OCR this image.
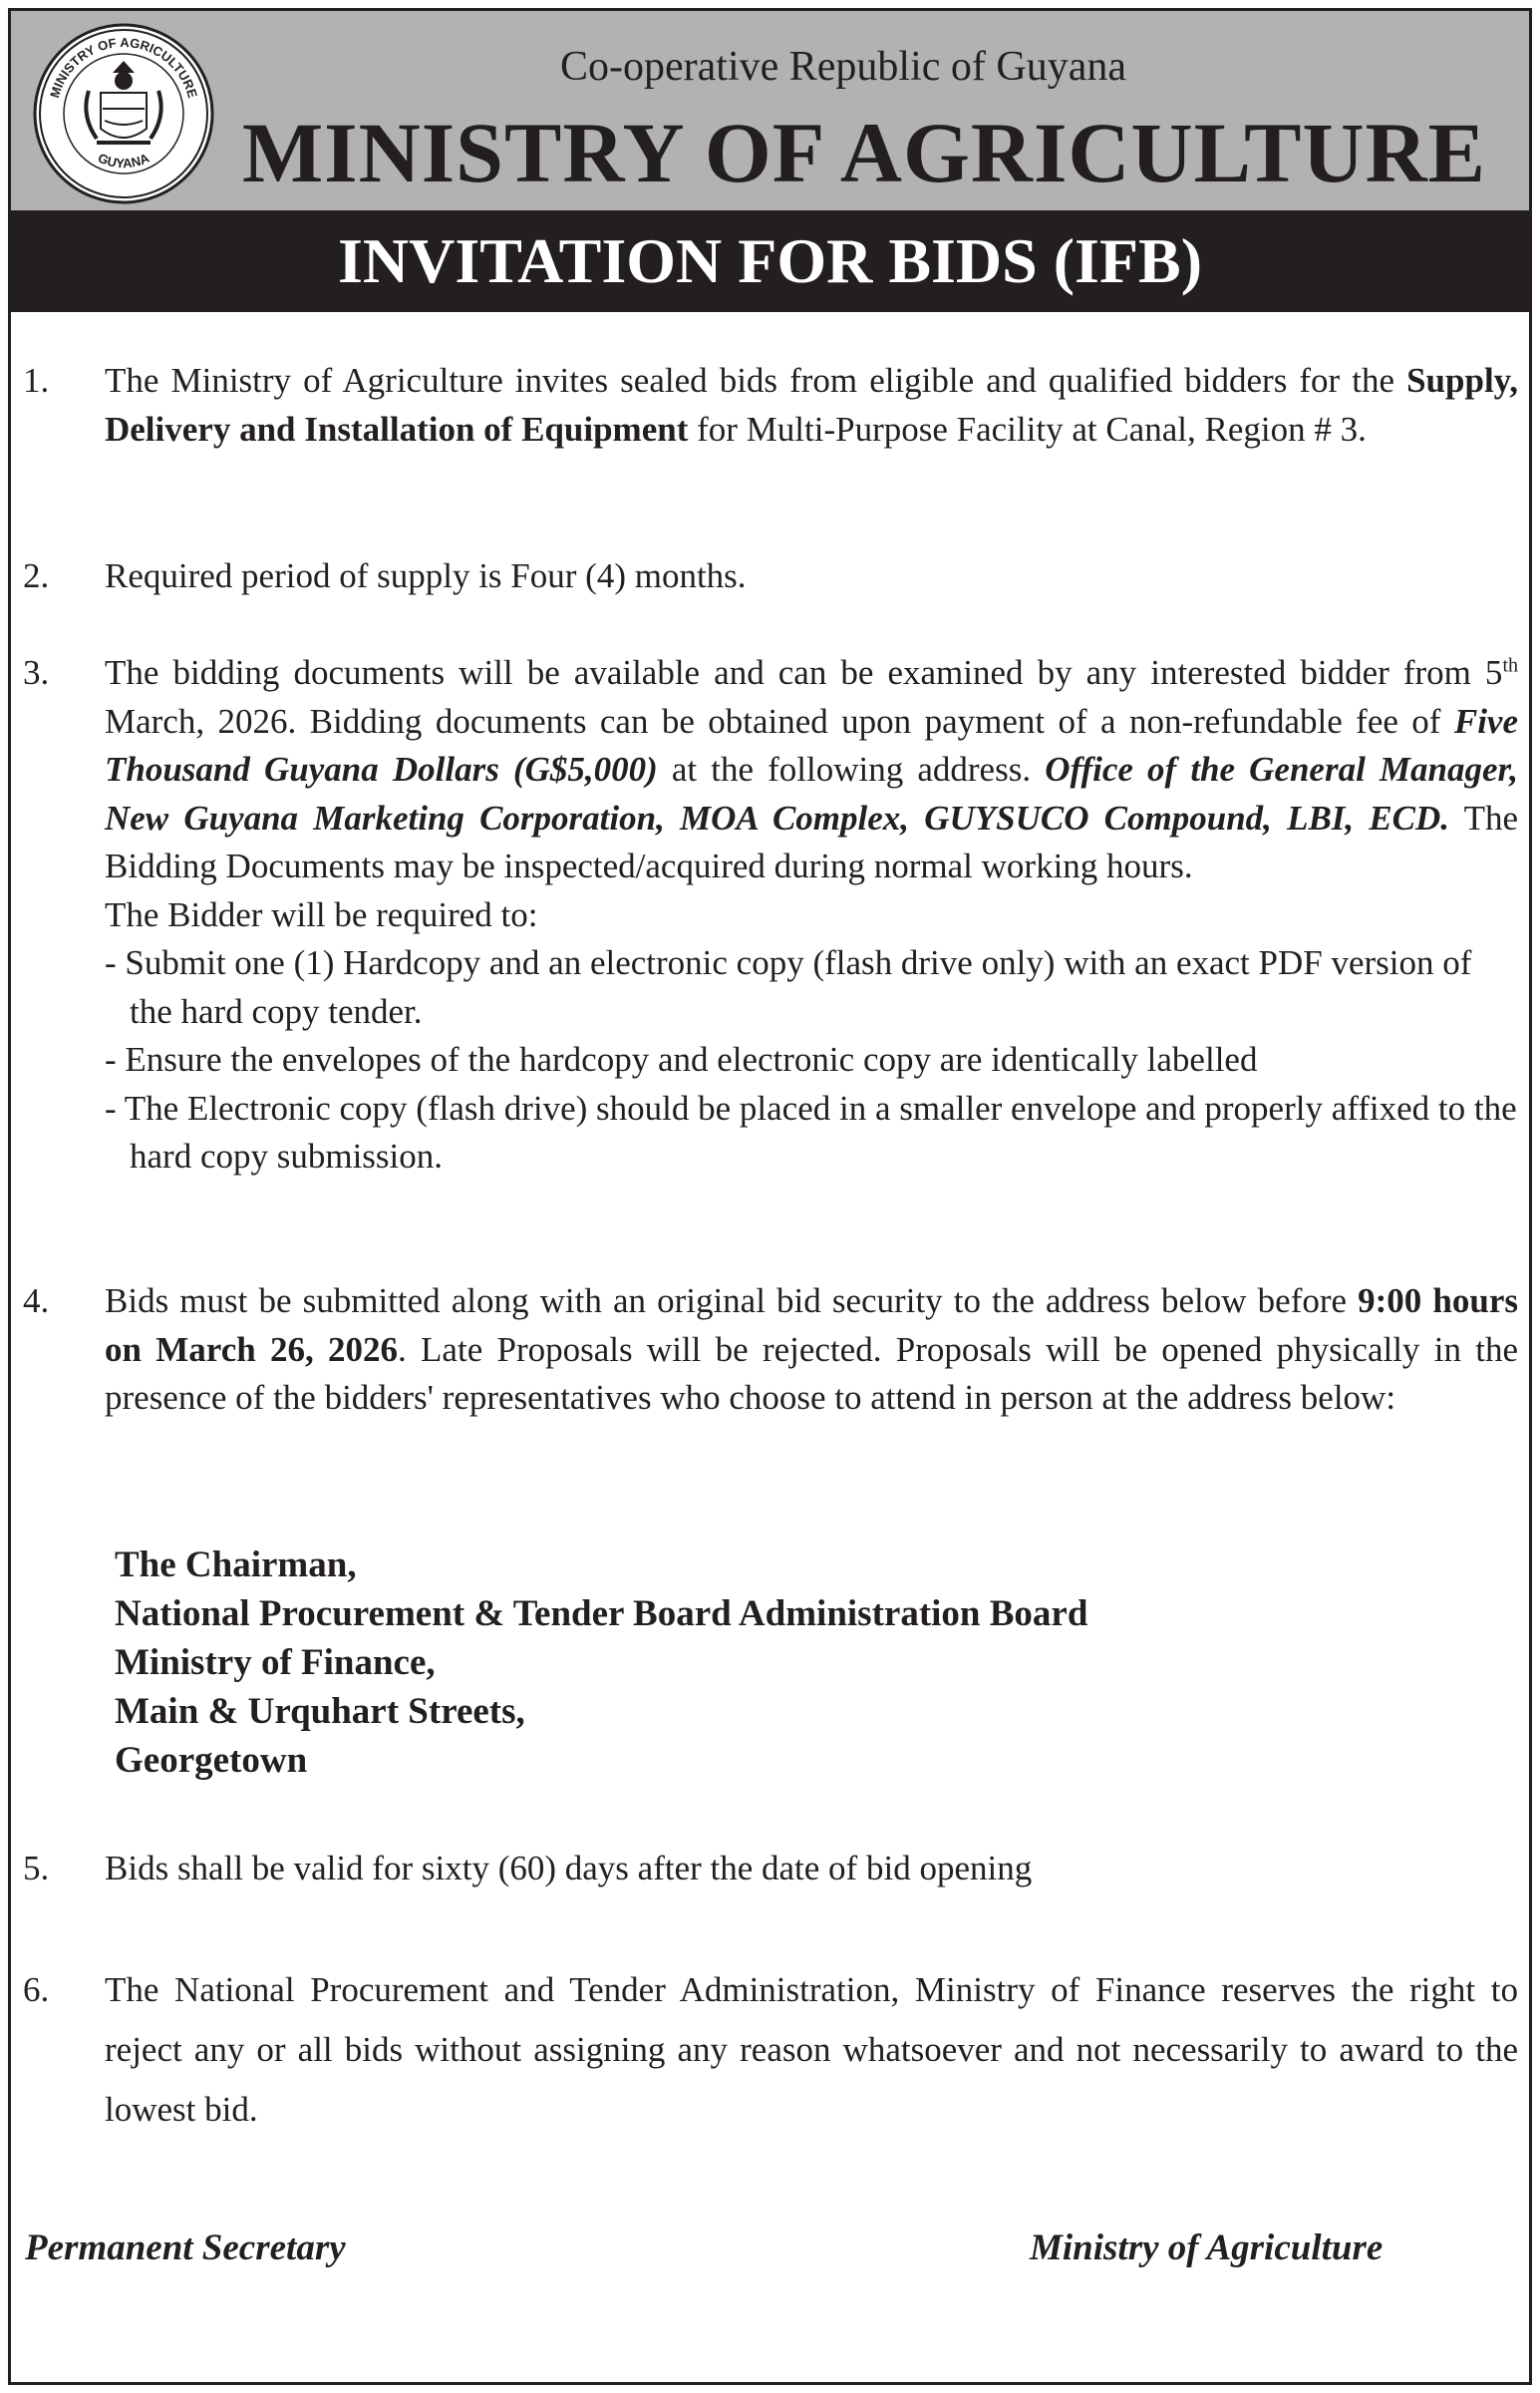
MINISTRY OF AGRICULTURE
GUYANA
Co-operative Republic of Guyana
MINISTRY OF AGRICULTURE
INVITATION FOR BIDS (IFB)
1.	The Ministry of Agriculture invites sealed bids from eligible and qualified bidders for the Supply, Delivery and Installation of Equipment for Multi-Purpose Facility at Canal, Region # 3.
2.	Required period of supply is Four (4) months.
3.	The bidding documents will be available and can be examined by any interested bidder from 5th March, 2026. Bidding documents can be obtained upon payment of a non-refundable fee of Five Thousand Guyana Dollars (G$5,000) at the following address. Office of the General Manager, New Guyana Marketing Corporation, MOA Complex, GUYSUCO Compound, LBI, ECD. The Bidding Documents may be inspected/acquired during normal working hours.
The Bidder will be required to:
- Submit one (1) Hardcopy and an electronic copy (flash drive only) with an exact PDF version of the hard copy tender.
- Ensure the envelopes of the hardcopy and electronic copy are identically labelled
- The Electronic copy (flash drive) should be placed in a smaller envelope and properly affixed to the hard copy submission.
4.	Bids must be submitted along with an original bid security to the address below before 9:00 hours on March 26, 2026. Late Proposals will be rejected. Proposals will be opened physically in the presence of the bidders' representatives who choose to attend in person at the address below:
The Chairman,
National Procurement & Tender Board Administration Board
Ministry of Finance,
Main & Urquhart Streets,
Georgetown
5.	Bids shall be valid for sixty (60) days after the date of bid opening
6.	The National Procurement and Tender Administration, Ministry of Finance reserves the right to reject any or all bids without assigning any reason whatsoever and not necessarily to award to the lowest bid.
Permanent Secretary	Ministry of Agriculture
